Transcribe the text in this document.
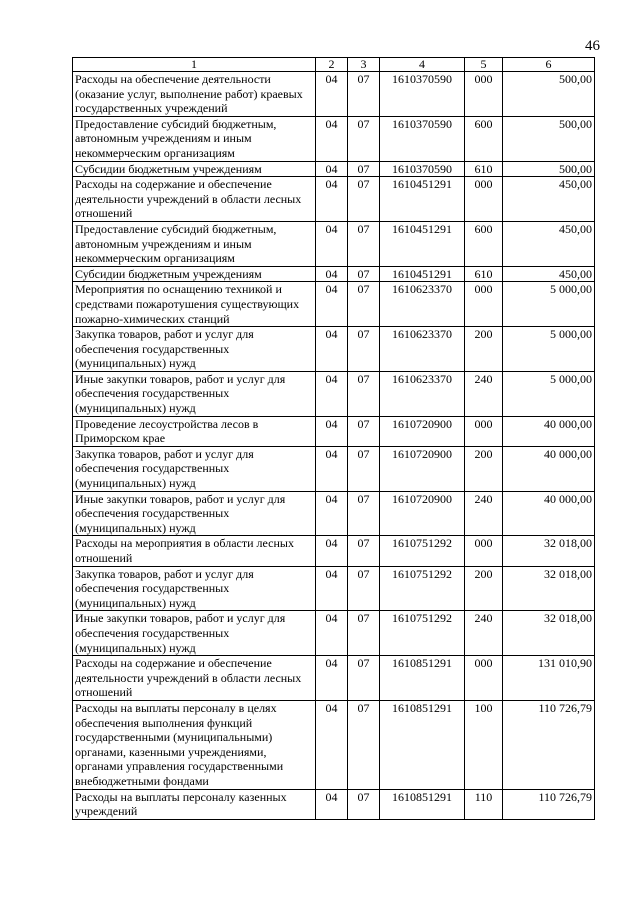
46
1	2	3	4	5	6
Расходы на обеспечение деятельности (оказание услуг, выполнение работ) краевых государственных учреждений	04	07	1610370590	000	500,00
Предоставление субсидий бюджетным, автономным учреждениям и иным некоммерческим организациям	04	07	1610370590	600	500,00
Субсидии бюджетным учреждениям	04	07	1610370590	610	500,00
Расходы на содержание и обеспечение деятельности учреждений в области лесных отношений	04	07	1610451291	000	450,00
Предоставление субсидий бюджетным, автономным учреждениям и иным некоммерческим организациям	04	07	1610451291	600	450,00
Субсидии бюджетным учреждениям	04	07	1610451291	610	450,00
Мероприятия по оснащению техникой и средствами пожаротушения существующих пожарно-химических станций	04	07	1610623370	000	5 000,00
Закупка товаров, работ и услуг для обеспечения государственных (муниципальных) нужд	04	07	1610623370	200	5 000,00
Иные закупки товаров, работ и услуг для обеспечения государственных (муниципальных) нужд	04	07	1610623370	240	5 000,00
Проведение лесоустройства лесов в Приморском крае	04	07	1610720900	000	40 000,00
Закупка товаров, работ и услуг для обеспечения государственных (муниципальных) нужд	04	07	1610720900	200	40 000,00
Иные закупки товаров, работ и услуг для обеспечения государственных (муниципальных) нужд	04	07	1610720900	240	40 000,00
Расходы на мероприятия в области лесных отношений	04	07	1610751292	000	32 018,00
Закупка товаров, работ и услуг для обеспечения государственных (муниципальных) нужд	04	07	1610751292	200	32 018,00
Иные закупки товаров, работ и услуг для обеспечения государственных (муниципальных) нужд	04	07	1610751292	240	32 018,00
Расходы на содержание и обеспечение деятельности учреждений в области лесных отношений	04	07	1610851291	000	131 010,90
Расходы на выплаты персоналу в целях обеспечения выполнения функций государственными (муниципальными) органами, казенными учреждениями, органами управления государственными внебюджетными фондами	04	07	1610851291	100	110 726,79
Расходы на выплаты персоналу казенных учреждений	04	07	1610851291	110	110 726,79
